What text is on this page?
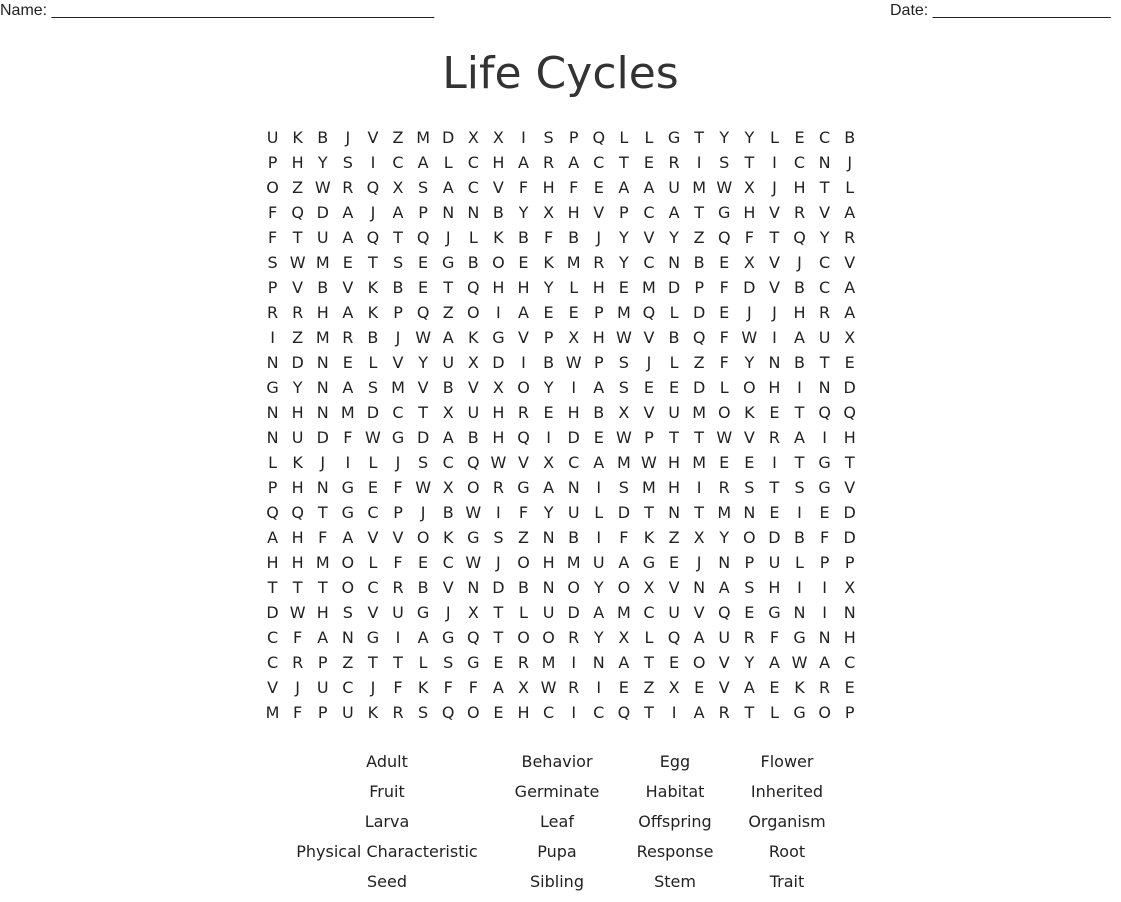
Name: ___________________________________________	Date: ____________________
Life Cycles
U K B	J	V Z M D X X	I	S P Q L	L G T Y Y L E C B
P H Y S	I	C A L C H A R A C T E R	I	S T	I	C N	J
O Z W R Q X S A C V F H F E A A U M W X	J	H T L
F Q D A	J	A P N N B Y X H V P C A T G H V R V A
F T U A Q T Q	J	L K B F B	J	Y V Y Z Q F T Q Y R
S W M E T S E G B O E K M R Y C N B E X V	J	C V
P V B V K B E T Q H H Y L H E M D P F D V B C A
R R H A K P Q Z O	I	A E E P M Q L D E	J	J	H R A
I	Z M R B	J W A K G V P X H W V B Q F W I	A U X
N D N E L V Y U X D	I	B W P S	J	L Z F Y N B T E
G Y N A S M V B V X O Y	I	A S E E D L O H	I	N D
N H N M D C T X U H R E H B X V U M O K E T Q Q
N U D F W G D A B H Q	I	D E W P T T W V R A	I	H
L K	J	I	L	J	S C Q W V X C A M W H M E E	I	T G T
P H N G E F W X O R G A N	I	S M H	I	R S T S G V
Q Q T G C P	J	B W I	F Y U L D T N T M N E	I	E D
A H F A V V O K G S Z N B	I	F K Z X Y O D B F D
H H M O L	F E C W J	O H M U A G E	J	N P U L P P
T T T O C R B V N D B N O Y O X V N A S H	I	I	X
D W H S V U G	J	X T L U D A M C U V Q E G N	I	N
C F A N G	I	A G Q T O O R Y X L Q A U R F G N H
C R P Z T T L S G E R M I	N A T E O V Y A W A C
V	J	U C	J	F K F F A X W R	I	E Z X E V A E K R E
M F P U K R S Q O E H C	I	C Q T	I	A R T L G O P
Adult	Behavior	Egg	Flower
Fruit	Germinate	Habitat	Inherited
Larva	Leaf	Offspring Organism
Physical Characteristic	Pupa	Response	Root
Seed	Sibling	Stem	Trait
